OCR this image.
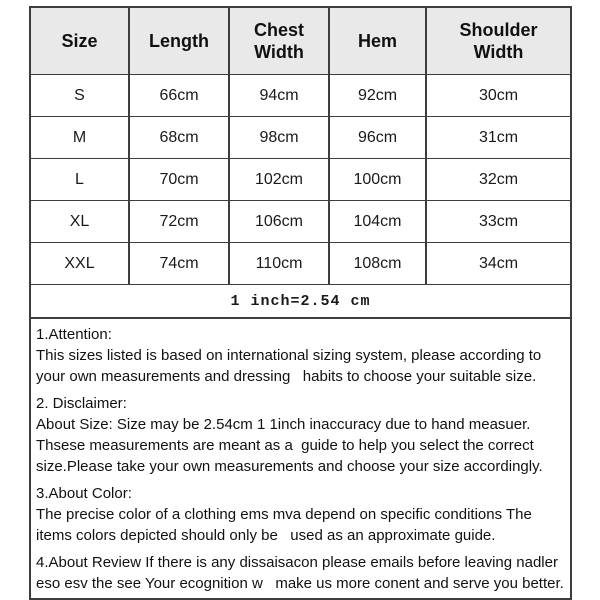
Size	Length	Chest Width	Hem	Shoulder Width
S	66cm	94cm	92cm	30cm
M	68cm	98cm	96cm	31cm
L	70cm	102cm	100cm	32cm
XL	72cm	106cm	104cm	33cm
XXL	74cm	110cm	108cm	34cm
1 inch=2.54 cm				

1.Attention:

This sizes listed is based on international sizing system, please according to your own measurements and dressing   habits to choose your suitable size.

2. Disclaimer:

About Size: Size may be 2.54cm 1 1inch inaccuracy due to hand measuer. Thsese measurements are meant as a  guide to help you select the correct size.Please take your own measurements and choose your size accordingly.

3.About Color:

The precise color of a clothing ems mva depend on specific conditions The items colors depicted should only be   used as an approximate guide.

4.About Review If there is any dissaisacon please emails before leaving nadler eso esv the see Your ecognition w   make us more conent and serve you better.
